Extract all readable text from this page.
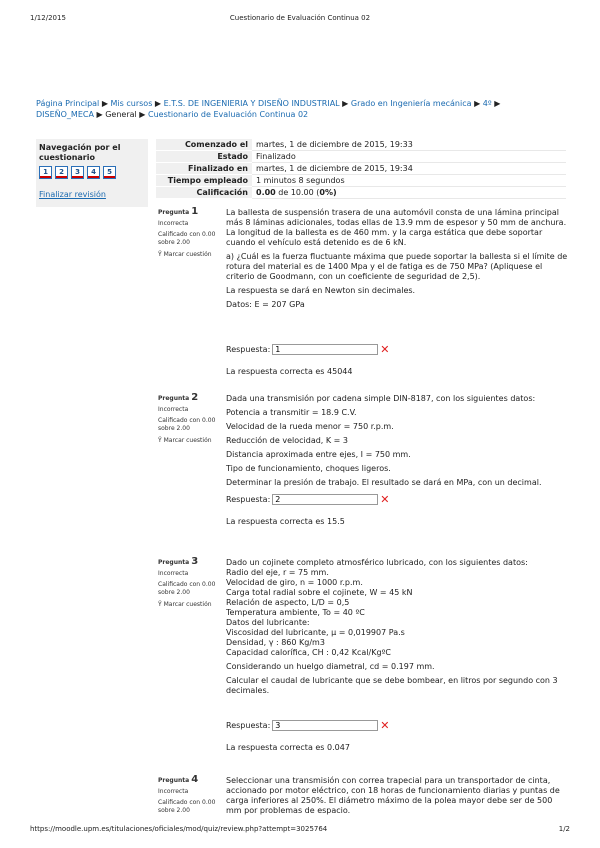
1/12/2015	Cuestionario de Evaluación Continua 02
Página Principal ▶ Mis cursos ▶ E.T.S. DE INGENIERIA Y DISEÑO INDUSTRIAL ▶ Grado en Ingeniería mecánica ▶ 4º ▶
DISEÑO_MECA ▶ General ▶ Cuestionario de Evaluación Continua 02
Navegación por el cuestionario
1	2	3	4	5
Finalizar revisión
Comenzado el	martes, 1 de diciembre de 2015, 19:33
Estado	Finalizado
Finalizado en	martes, 1 de diciembre de 2015, 19:34
Tiempo empleado	1 minutos 8 segundos
Calificación	0.00 de 10.00 (0%)
Pregunta 1
Incorrecta
Calificado con 0.00 sobre 2.00
Ÿ Marcar cuestión

La ballesta de suspensión trasera de una automóvil consta de una lámina principal más 8 láminas adicionales, todas ellas de 13.9 mm de espesor y 50 mm de anchura. La longitud de la ballesta es de 460 mm. y la carga estática que debe soportar cuando el vehículo está detenido es de 6 kN.

a) ¿Cuál es la fuerza fluctuante máxima que puede soportar la ballesta si el límite de rotura del material es de 1400 Mpa y el de fatiga es de 750 MPa? (Apliquese el criterio de Goodmann, con un coeficiente de seguridad de 2,5).

La respuesta se dará en Newton sin decimales.

Datos: E = 207 GPa

Respuesta:
1	✕
La respuesta correcta es 45044
Pregunta 2
Incorrecta
Calificado con 0.00 sobre 2.00
Ÿ Marcar cuestión

Dada una transmisión por cadena simple DIN-8187, con los siguientes datos:

Potencia a transmitir = 18.9 C.V.

Velocidad de la rueda menor = 750 r.p.m.

Reducción de velocidad, K = 3

Distancia aproximada entre ejes, I = 750 mm.

Tipo de funcionamiento, choques ligeros.

Determinar la presión de trabajo. El resultado se dará en MPa, con un decimal.

Respuesta:
2	✕
La respuesta correcta es 15.5
Pregunta 3
Incorrecta
Calificado con 0.00 sobre 2.00
Ÿ Marcar cuestión

Dado un cojinete completo atmosférico lubricado, con los siguientes datos:

Radio del eje, r = 75 mm.

Velocidad de giro, n = 1000 r.p.m.

Carga total radial sobre el cojinete, W = 45 kN

Relación de aspecto, L/D = 0,5

Temperatura ambiente, To = 40 ºC

Datos del lubricante:

Viscosidad del lubricante, μ = 0,019907 Pa.s

Densidad, γ : 860 Kg/m3

Capacidad calorífica, CH : 0,42 Kcal/KgºC

Considerando un huelgo diametral, cd = 0.197 mm.

Calcular el caudal de lubricante que se debe bombear, en litros por segundo con 3 decimales.

Respuesta:
3	✕
La respuesta correcta es 0.047
Pregunta 4
Incorrecta
Calificado con 0.00 sobre 2.00

Seleccionar una transmisión con correa trapecial para un transportador de cinta, accionado por motor eléctrico, con 18 horas de funcionamiento diarias y puntas de carga inferiores al 250%. El diámetro máximo de la polea mayor debe ser de 500 mm por problemas de espacio.

https://moodle.upm.es/titulaciones/oficiales/mod/quiz/review.php?attempt=3025764	1/2
